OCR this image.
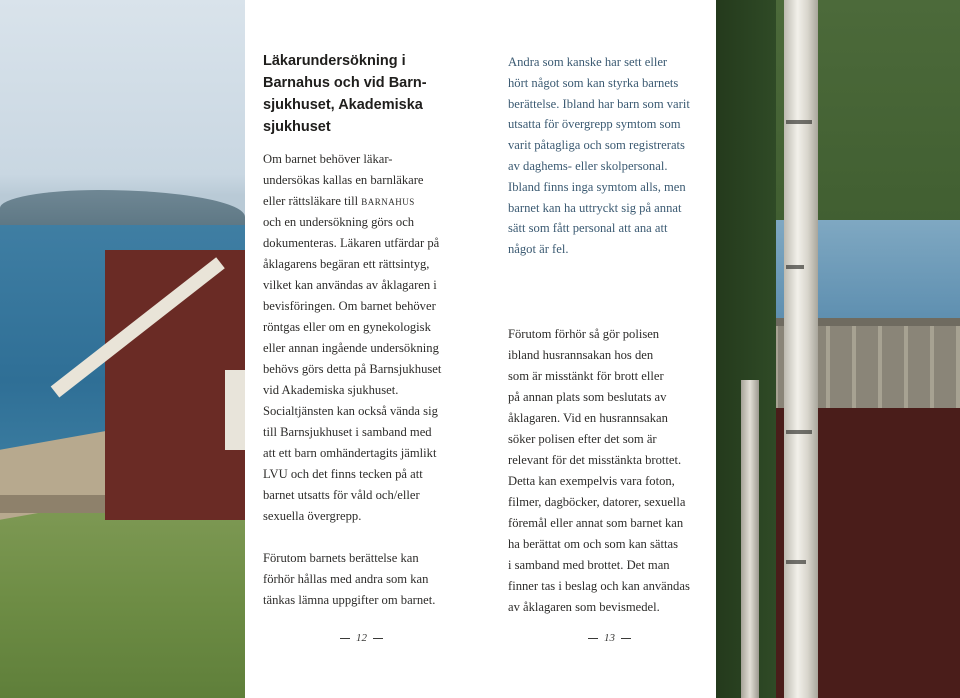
Läkarundersökning i
Barnahus och vid Barn-
sjukhuset, Akademiska
sjukhuset
Om barnet behöver läkar-
undersökas kallas en barnläkare
eller rättsläkare till barnahus
och en undersökning görs och
dokumenteras. Läkaren utfärdar på
åklagarens begäran ett rättsintyg,
vilket kan användas av åklagaren i
bevisföringen. Om barnet behöver
röntgas eller om en gynekologisk
eller annan ingående undersökning
behövs görs detta på Barnsjukhuset
vid Akademiska sjukhuset.
Socialtjänsten kan också vända sig
till Barnsjukhuset i samband med
att ett barn omhändertagits jämlikt
LVU och det finns tecken på att
barnet utsatts för våld och/eller
sexuella övergrepp.
Förutom barnets berättelse kan
förhör hållas med andra som kan
tänkas lämna uppgifter om barnet.
12
Andra som kanske har sett eller
hört något som kan styrka barnets
berättelse. Ibland har barn som varit
utsatta för övergrepp symtom som
varit påtagliga och som registrerats
av daghems- eller skolpersonal.
Ibland finns inga symtom alls, men
barnet kan ha uttryckt sig på annat
sätt som fått personal att ana att
något är fel.
Förutom förhör så gör polisen
ibland husrannsakan hos den
som är misstänkt för brott eller
på annan plats som beslutats av
åklagaren. Vid en husrannsakan
söker polisen efter det som är
relevant för det misstänkta brottet.
Detta kan exempelvis vara foton,
filmer, dagböcker, datorer, sexuella
föremål eller annat som barnet kan
ha berättat om och som kan sättas
i samband med brottet. Det man
finner tas i beslag och kan användas
av åklagaren som bevismedel.
13
